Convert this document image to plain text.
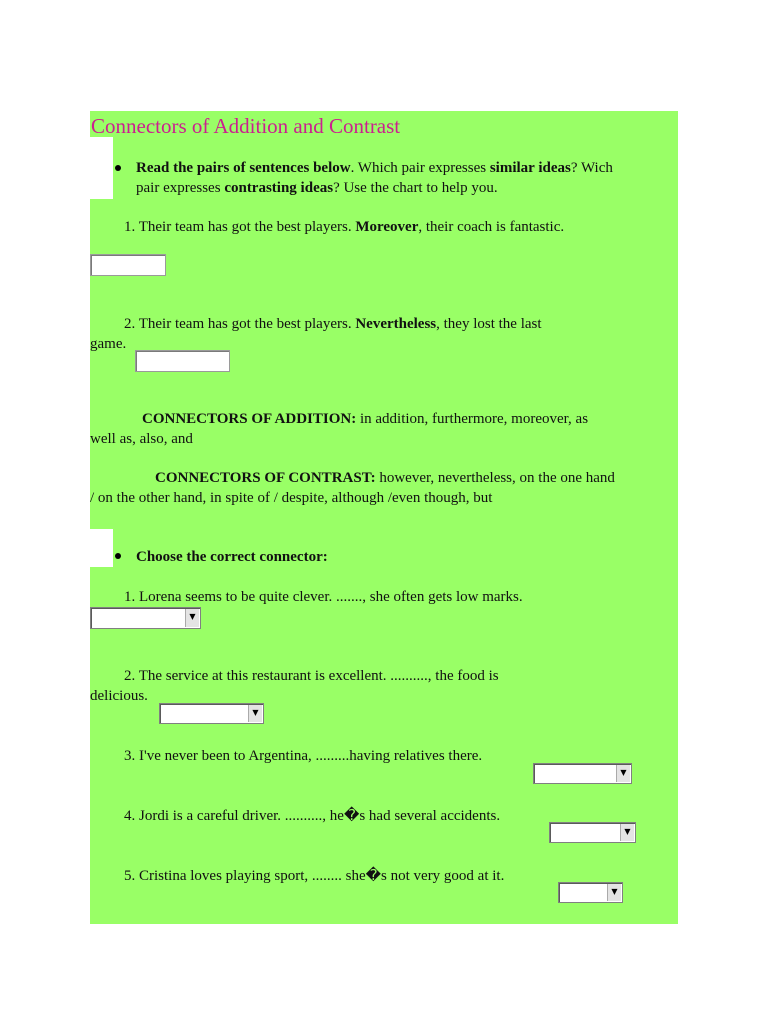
Connectors of Addition and Contrast
Read the pairs of sentences below. Which pair expresses similar ideas? Wich
pair expresses contrasting ideas? Use the chart to help you.
1. Their team has got the best players. Moreover, their coach is fantastic.
2. Their team has got the best players. Nevertheless, they lost the last
game.
CONNECTORS OF ADDITION: in addition, furthermore, moreover, as
well as, also, and
CONNECTORS OF CONTRAST: however, nevertheless, on the one hand
/ on the other hand, in spite of / despite, although /even though, but
Choose the correct connector:
1. Lorena seems to be quite clever. ......., she often gets low marks.
▼
2. The service at this restaurant is excellent. .........., the food is
delicious.
▼
3. I've never been to Argentina, .........having relatives there.
▼
4. Jordi is a careful driver. .........., he�s had several accidents.
▼
5. Cristina loves playing sport, ........ she�s not very good at it.
▼
